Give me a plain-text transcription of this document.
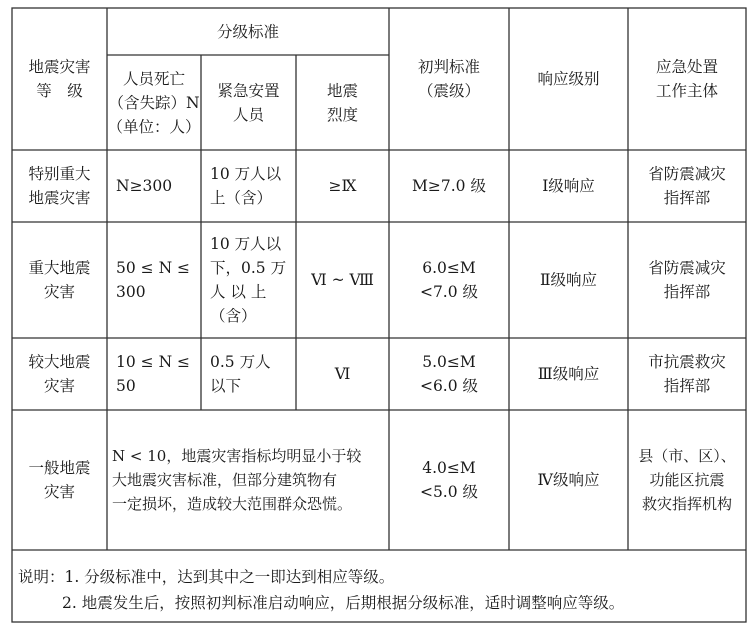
地震灾害
等　级
分级标准
人员死亡
（含失踪）N
（单位：人）
紧急安置
人员
地震
烈度
初判标准
（震级）
响应级别
应急处置
工作主体
特别重大
地震灾害
N≥300
10 万人以
上（含）
≥Ⅸ	M≥7.0 级	Ⅰ级响应
省防震减灾
指挥部
重大地震
灾害
50 ≤ N ≤
300
10 万人以
下，0.5 万
人 以 上
（含）
Ⅵ ~ Ⅷ
6.0≤M
<7.0 级
Ⅱ级响应
省防震减灾
指挥部
较大地震
灾害
10 ≤ N ≤
50
0.5 万人
以下
Ⅵ
5.0≤M
<6.0 级
Ⅲ级响应
市抗震救灾
指挥部
一般地震
灾害
N < 10，地震灾害指标均明显小于较
大地震灾害标准，但部分建筑物有
一定损坏，造成较大范围群众恐慌。
4.0≤M
<5.0 级
Ⅳ级响应
县（市、区）、
功能区抗震
救灾指挥机构
说明：1. 分级标准中，达到其中之一即达到相应等级。
2. 地震发生后，按照初判标准启动响应，后期根据分级标准，适时调整响应等级。
